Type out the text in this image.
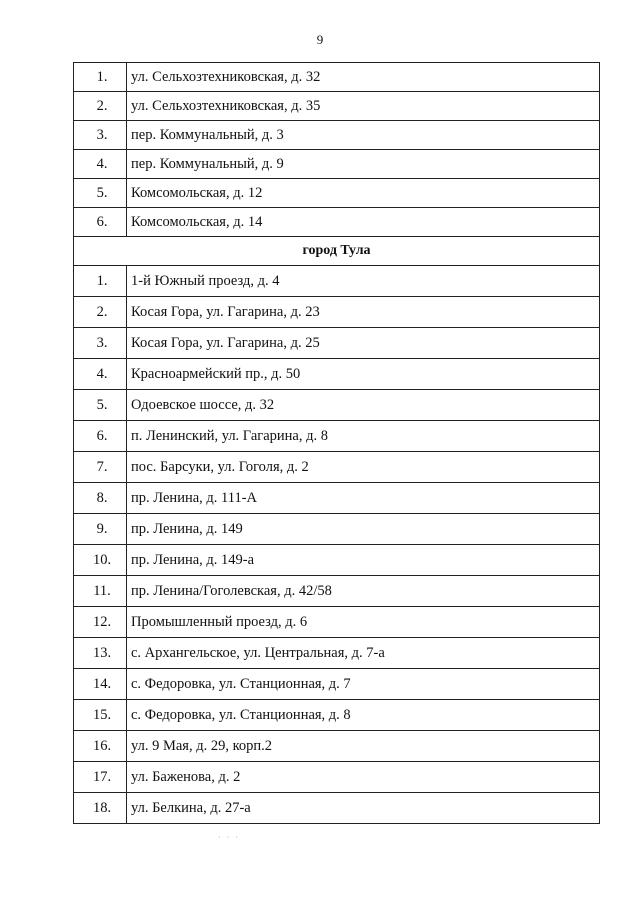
9
1.	ул. Сельхозтехниковская, д. 32
2.	ул. Сельхозтехниковская, д. 35
3.	пер. Коммунальный, д. 3
4.	пер. Коммунальный, д. 9
5.	Комсомольская, д. 12
6.	Комсомольская, д. 14
город Тула	
1.	1-й Южный проезд, д. 4
2.	Косая Гора, ул. Гагарина, д. 23
3.	Косая Гора, ул. Гагарина, д. 25
4.	Красноармейский пр., д. 50
5.	Одоевское шоссе, д. 32
6.	п. Ленинский, ул. Гагарина, д. 8
7.	пос. Барсуки, ул. Гоголя, д. 2
8.	пр. Ленина, д. 111-А
9.	пр. Ленина, д. 149
10.	пр. Ленина, д. 149-а
11.	пр. Ленина/Гоголевская, д. 42/58
12.	Промышленный проезд, д. 6
13.	с. Архангельское, ул. Центральная, д. 7-а
14.	с. Федоровка, ул. Станционная, д. 7
15.	с. Федоровка, ул. Станционная, д. 8
16.	ул. 9 Мая, д. 29, корп.2
17.	ул. Баженова, д. 2
18.	ул. Белкина, д. 27-а
· · ·
